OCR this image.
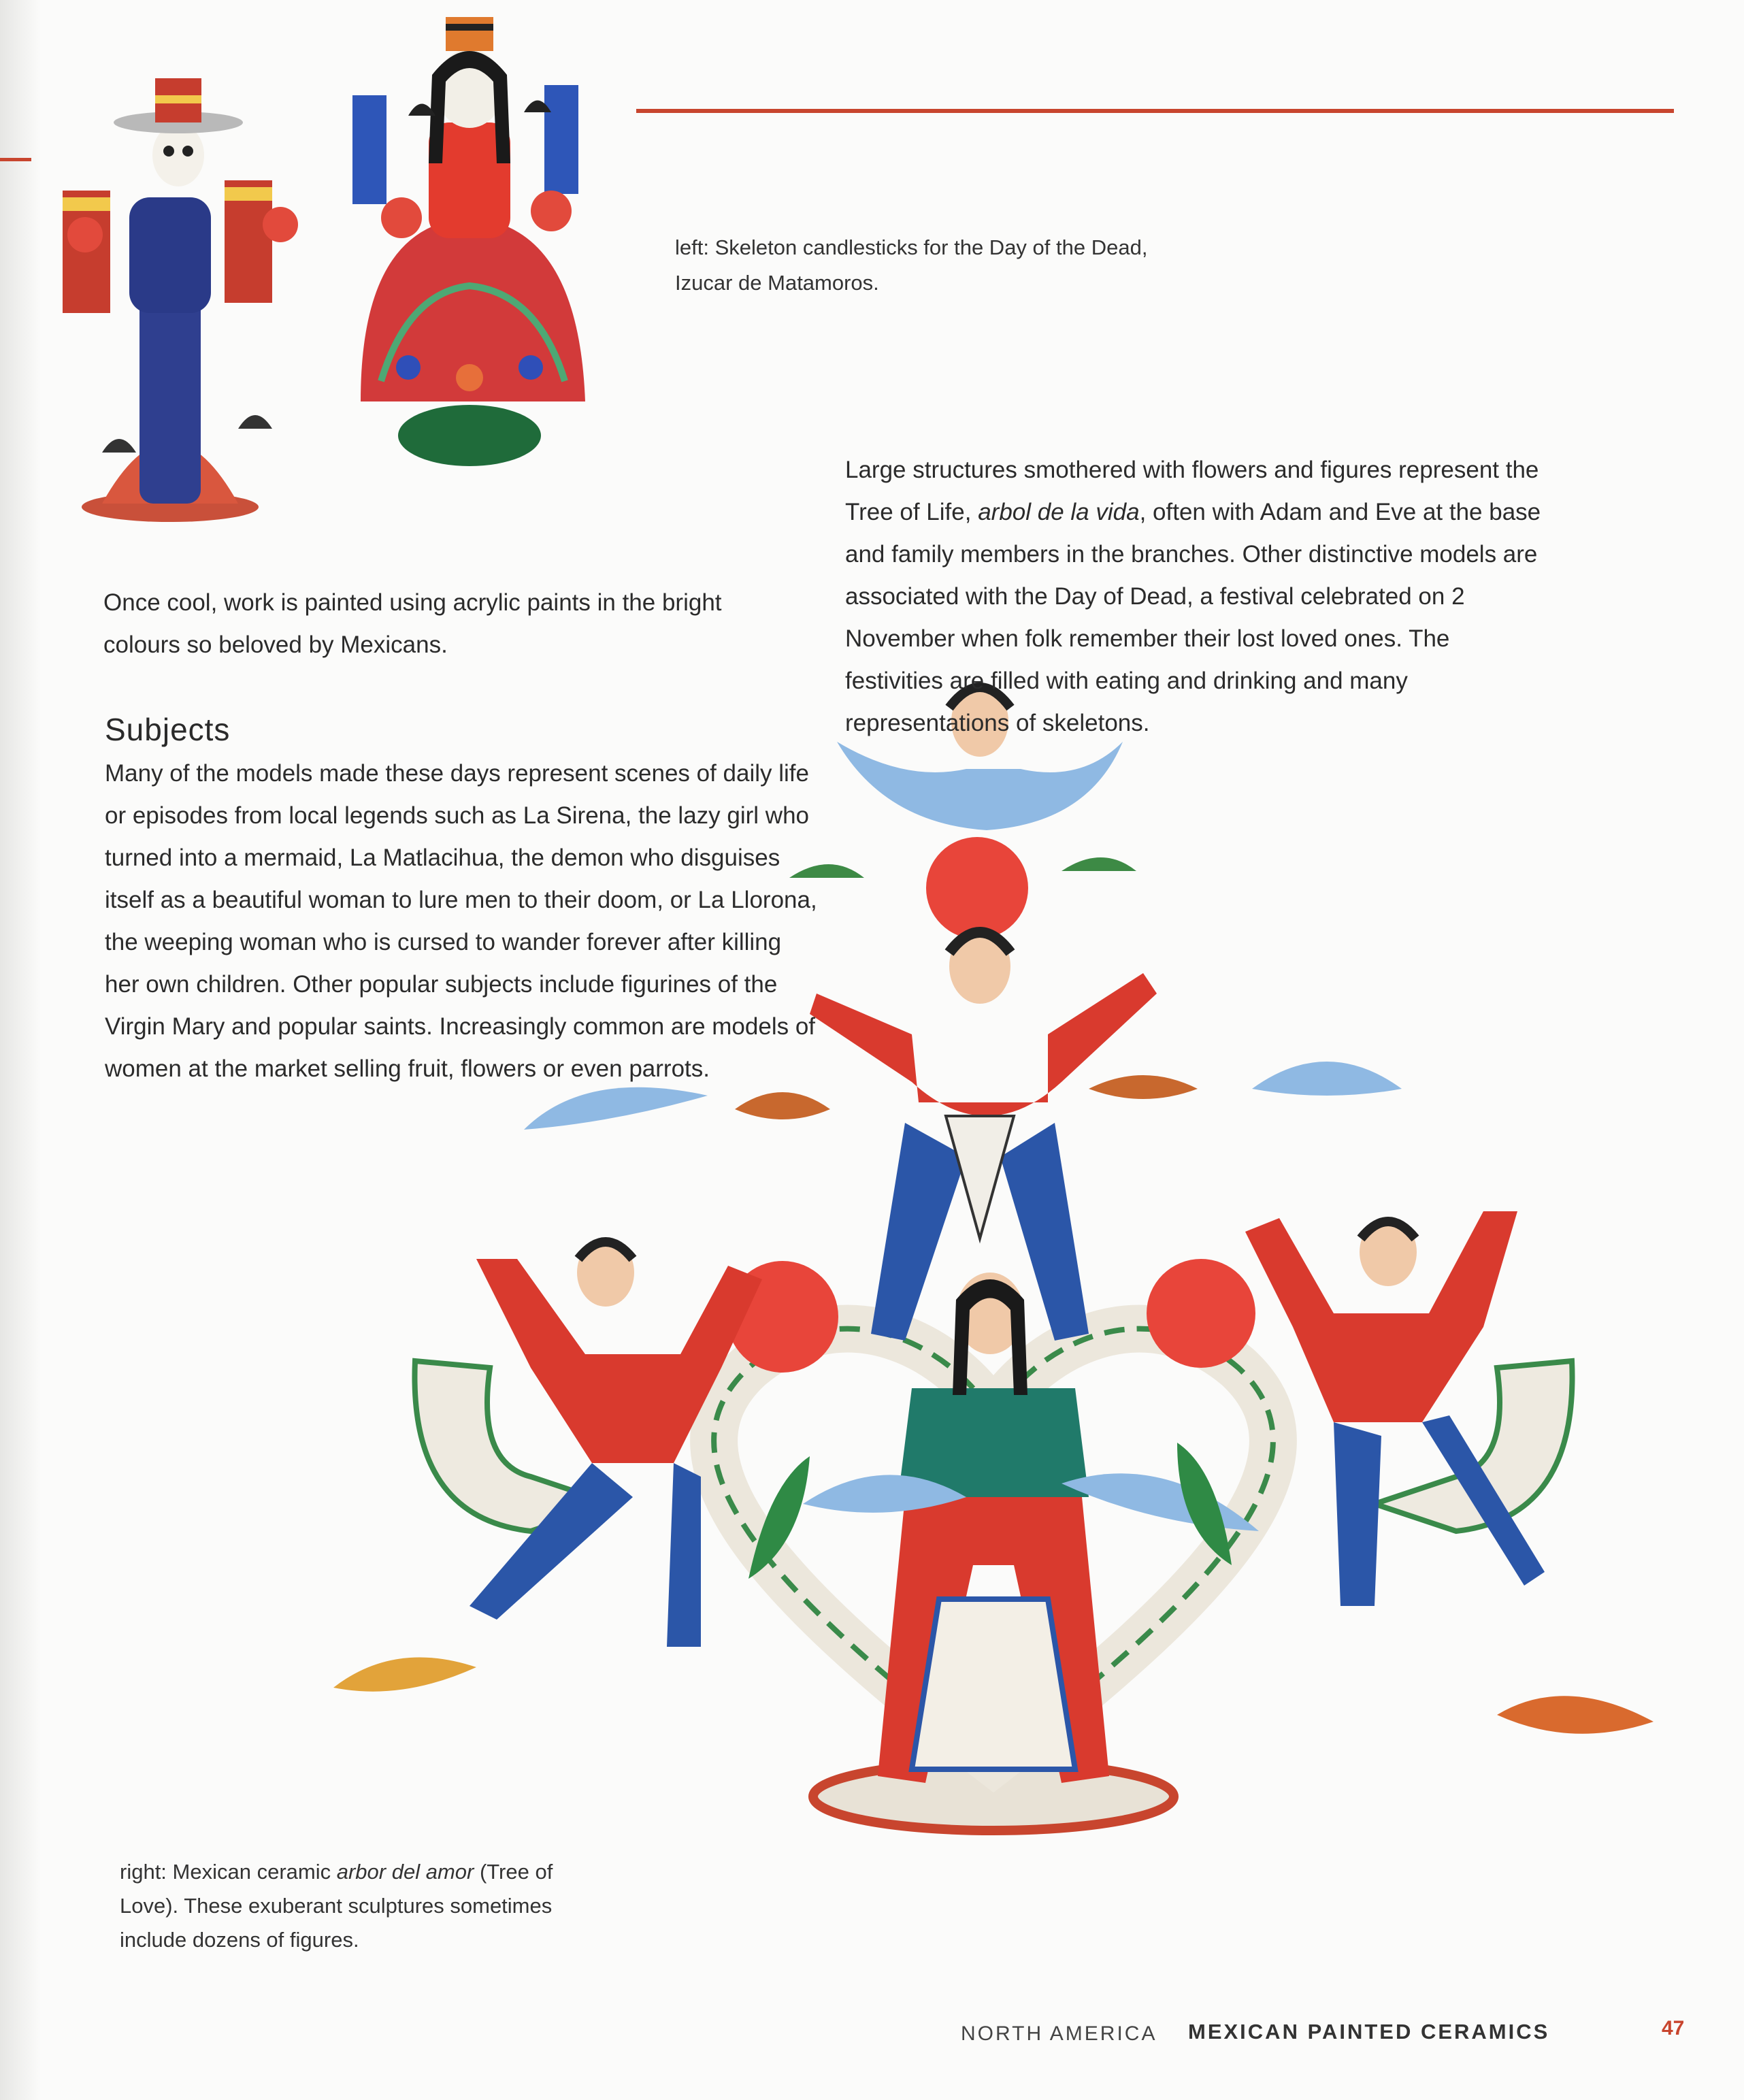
left: Skeleton candlesticks for the Day of the Dead, Izucar de Matamoros.
right: Mexican ceramic arbor del amor (Tree of Love). These exuberant sculptures sometimes include dozens of figures.
Once cool, work is painted using acrylic paints in the bright colours so beloved by Mexicans.
Large structures smothered with flowers and figures represent the Tree of Life, arbol de la vida, often with Adam and Eve at the base and family members in the branches. Other distinctive models are associated with the Day of Dead, a festival celebrated on 2 November when folk remember their lost loved ones. The festivities are filled with eating and drinking and many representations of skeletons.
Subjects
Many of the models made these days represent scenes of daily life or episodes from local legends such as La Sirena, the lazy girl who turned into a mermaid, La Matlacihua, the demon who disguises itself as a beautiful woman to lure men to their doom, or La Llorona, the weeping woman who is cursed to wander forever after killing her own children. Other popular subjects include figurines of the Virgin Mary and popular saints. Increasingly common are models of women at the market selling fruit, flowers or even parrots.
NORTH AMERICA MEXICAN PAINTED CERAMICS	47
